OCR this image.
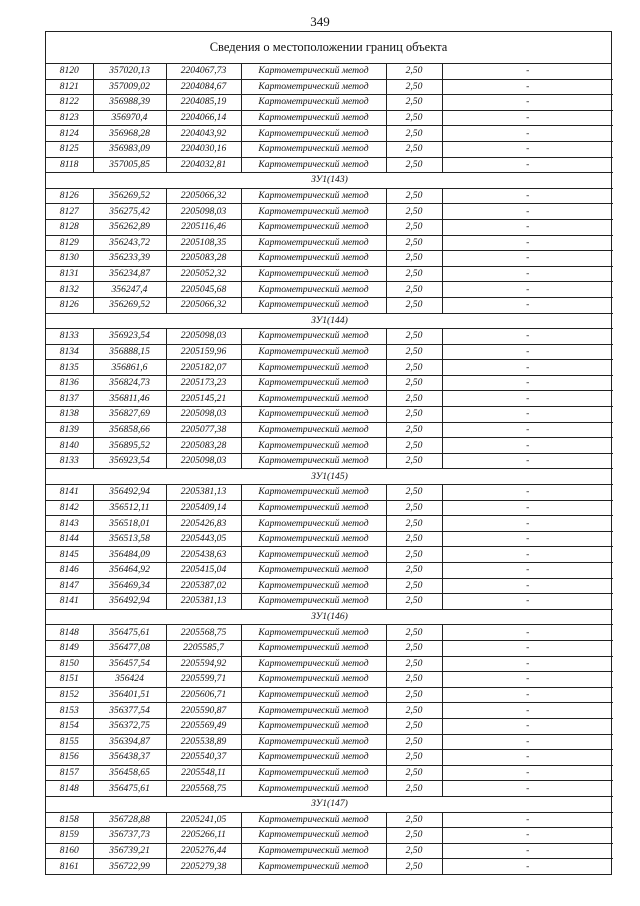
349
Сведения о местоположении границ объекта
8120	357020,13	2204067,73	Картометрический метод	2,50	-
8121	357009,02	2204084,67	Картометрический метод	2,50	-
8122	356988,39	2204085,19	Картометрический метод	2,50	-
8123	356970,4	2204066,14	Картометрический метод	2,50	-
8124	356968,28	2204043,92	Картометрический метод	2,50	-
8125	356983,09	2204030,16	Картометрический метод	2,50	-
8118	357005,85	2204032,81	Картометрический метод	2,50	-
ЗУ1(143)					
8126	356269,52	2205066,32	Картометрический метод	2,50	-
8127	356275,42	2205098,03	Картометрический метод	2,50	-
8128	356262,89	2205116,46	Картометрический метод	2,50	-
8129	356243,72	2205108,35	Картометрический метод	2,50	-
8130	356233,39	2205083,28	Картометрический метод	2,50	-
8131	356234,87	2205052,32	Картометрический метод	2,50	-
8132	356247,4	2205045,68	Картометрический метод	2,50	-
8126	356269,52	2205066,32	Картометрический метод	2,50	-
ЗУ1(144)					
8133	356923,54	2205098,03	Картометрический метод	2,50	-
8134	356888,15	2205159,96	Картометрический метод	2,50	-
8135	356861,6	2205182,07	Картометрический метод	2,50	-
8136	356824,73	2205173,23	Картометрический метод	2,50	-
8137	356811,46	2205145,21	Картометрический метод	2,50	-
8138	356827,69	2205098,03	Картометрический метод	2,50	-
8139	356858,66	2205077,38	Картометрический метод	2,50	-
8140	356895,52	2205083,28	Картометрический метод	2,50	-
8133	356923,54	2205098,03	Картометрический метод	2,50	-
ЗУ1(145)					
8141	356492,94	2205381,13	Картометрический метод	2,50	-
8142	356512,11	2205409,14	Картометрический метод	2,50	-
8143	356518,01	2205426,83	Картометрический метод	2,50	-
8144	356513,58	2205443,05	Картометрический метод	2,50	-
8145	356484,09	2205438,63	Картометрический метод	2,50	-
8146	356464,92	2205415,04	Картометрический метод	2,50	-
8147	356469,34	2205387,02	Картометрический метод	2,50	-
8141	356492,94	2205381,13	Картометрический метод	2,50	-
ЗУ1(146)					
8148	356475,61	2205568,75	Картометрический метод	2,50	-
8149	356477,08	2205585,7	Картометрический метод	2,50	-
8150	356457,54	2205594,92	Картометрический метод	2,50	-
8151	356424	2205599,71	Картометрический метод	2,50	-
8152	356401,51	2205606,71	Картометрический метод	2,50	-
8153	356377,54	2205590,87	Картометрический метод	2,50	-
8154	356372,75	2205569,49	Картометрический метод	2,50	-
8155	356394,87	2205538,89	Картометрический метод	2,50	-
8156	356438,37	2205540,37	Картометрический метод	2,50	-
8157	356458,65	2205548,11	Картометрический метод	2,50	-
8148	356475,61	2205568,75	Картометрический метод	2,50	-
ЗУ1(147)					
8158	356728,88	2205241,05	Картометрический метод	2,50	-
8159	356737,73	2205266,11	Картометрический метод	2,50	-
8160	356739,21	2205276,44	Картометрический метод	2,50	-
8161	356722,99	2205279,38	Картометрический метод	2,50	-
